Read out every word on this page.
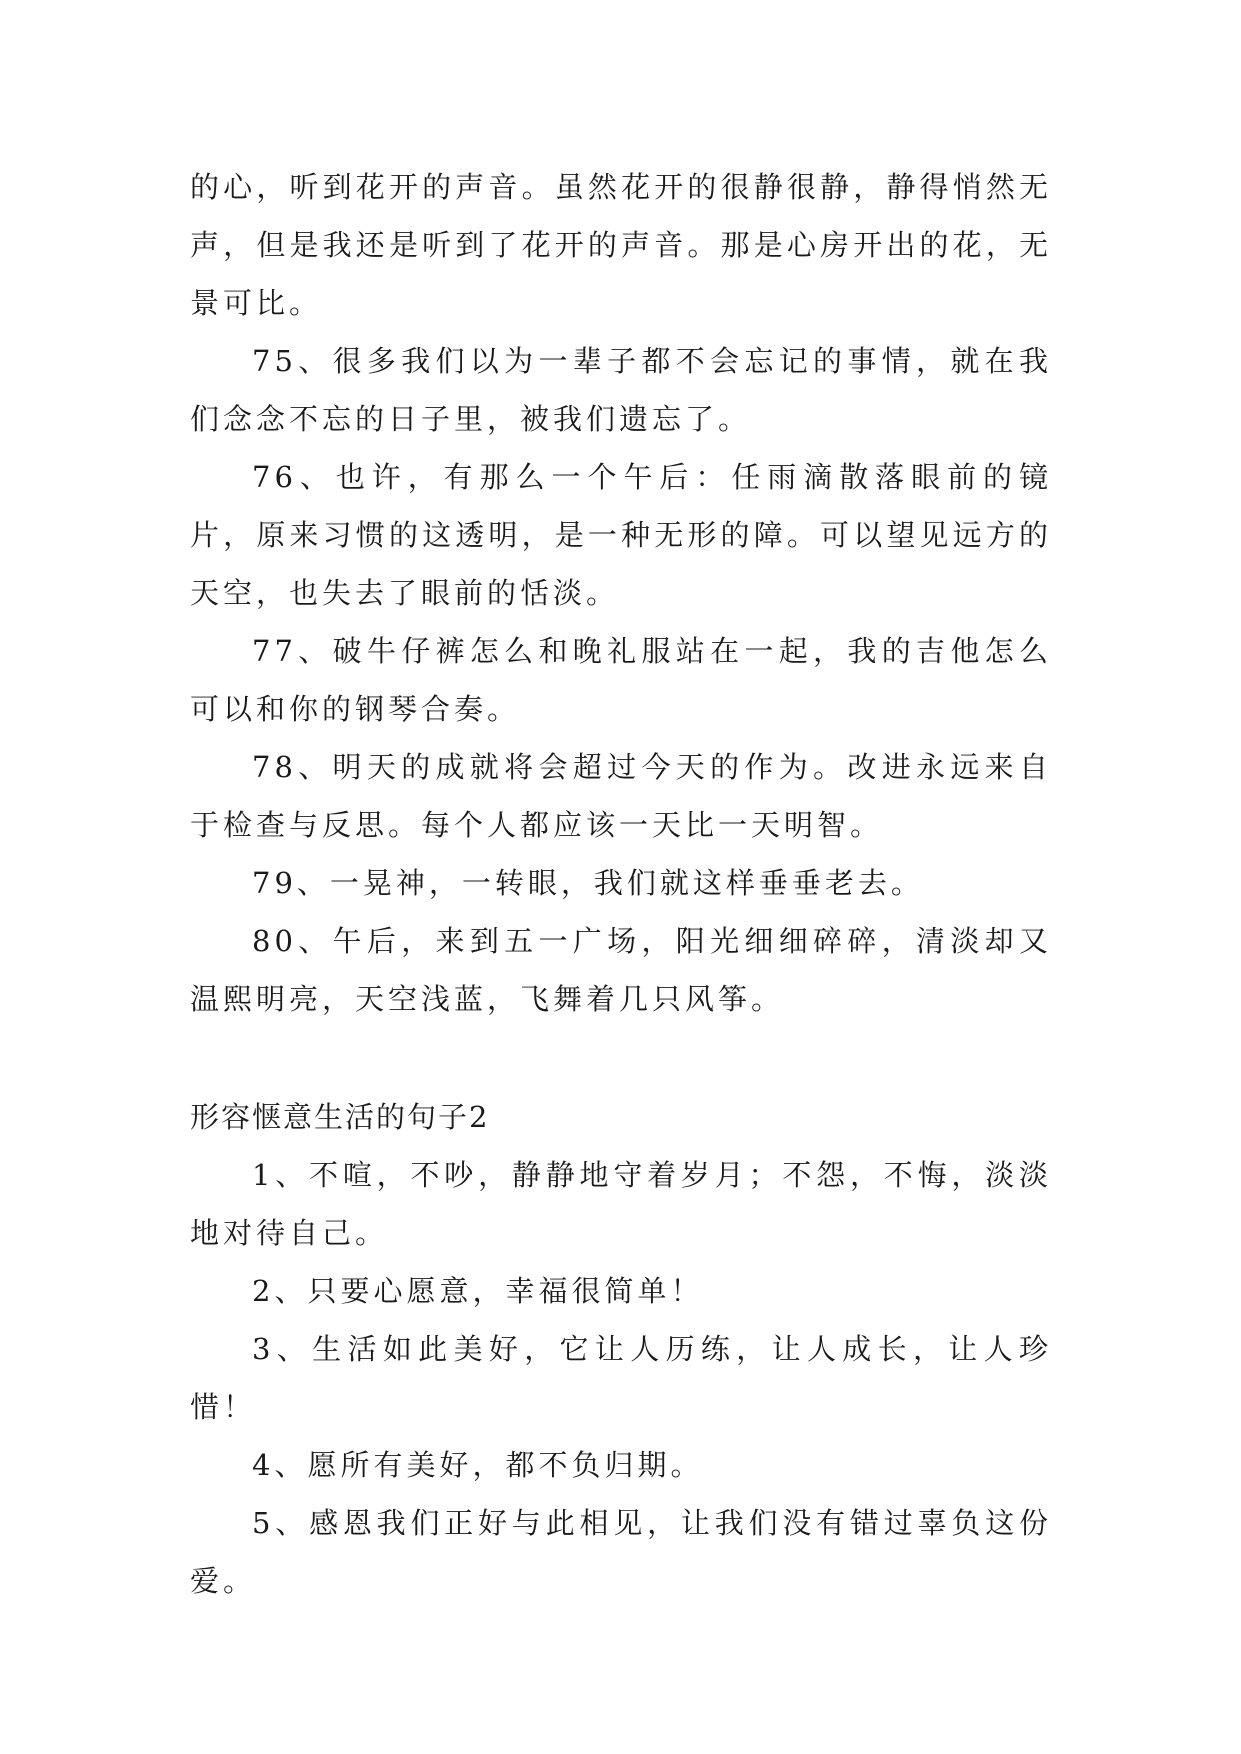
的心，听到花开的声音。虽然花开的很静很静，静得悄然无声，但是我还是听到了花开的声音。那是心房开出的花，无景可比。

75、很多我们以为一辈子都不会忘记的事情，就在我们念念不忘的日子里，被我们遗忘了。

76、也许，有那么一个午后：任雨滴散落眼前的镜片，原来习惯的这透明，是一种无形的障。可以望见远方的天空，也失去了眼前的恬淡。

77、破牛仔裤怎么和晚礼服站在一起，我的吉他怎么可以和你的钢琴合奏。

78、明天的成就将会超过今天的作为。改进永远来自于检查与反思。每个人都应该一天比一天明智。

79、一晃神，一转眼，我们就这样垂垂老去。

80、午后，来到五一广场，阳光细细碎碎，清淡却又温熙明亮，天空浅蓝，飞舞着几只风筝。

形容惬意生活的句子2

1、不喧，不吵，静静地守着岁月；不怨，不悔，淡淡地对待自己。

2、只要心愿意，幸福很简单！

3、生活如此美好，它让人历练，让人成长，让人珍惜！

4、愿所有美好，都不负归期。

5、感恩我们正好与此相见，让我们没有错过辜负这份爱。
